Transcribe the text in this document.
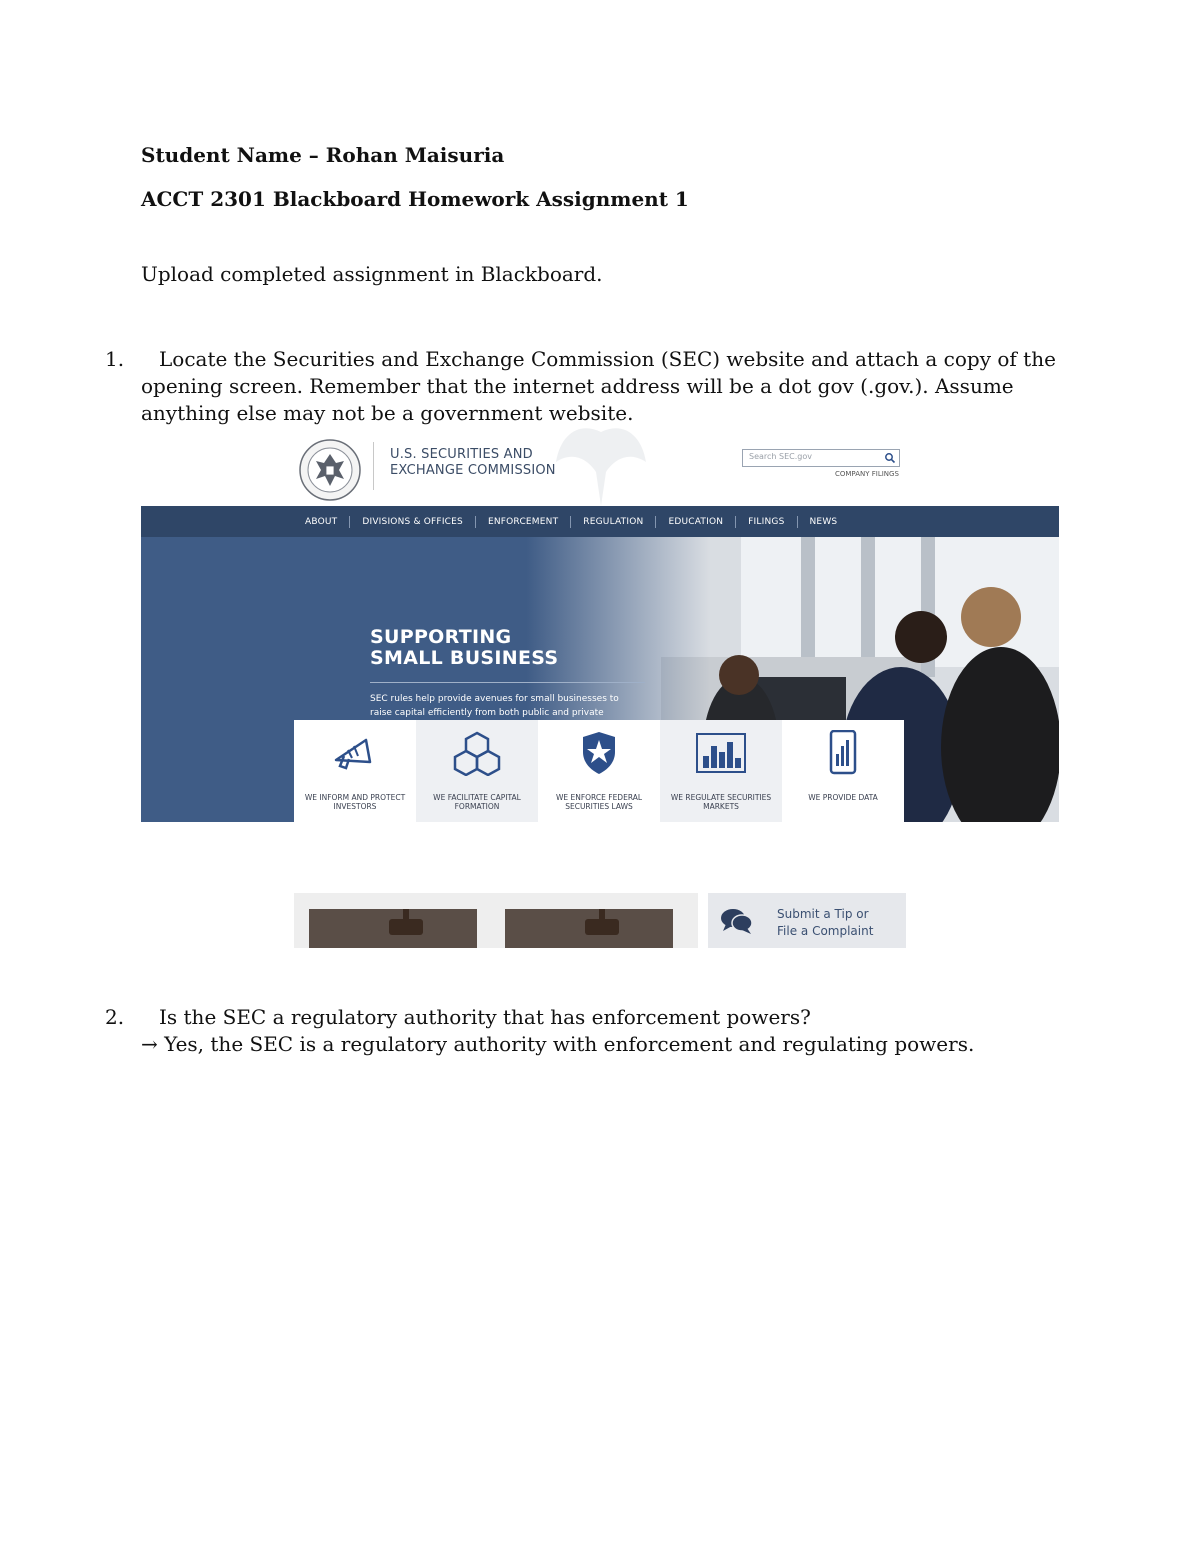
Student Name – Rohan Maisuria
ACCT 2301 Blackboard Homework Assignment 1
Upload completed assignment in Blackboard.
1.	Locate the Securities and Exchange Commission (SEC) website and attach a copy of the opening screen. Remember that the internet address will be a dot gov (.gov.). Assume anything else may not be a government website.
U.S. SECURITIES AND
EXCHANGE COMMISSION
Search SEC.gov
COMPANY FILINGS
ABOUT	DIVISIONS & OFFICES	ENFORCEMENT	REGULATION	EDUCATION	FILINGS	NEWS
SUPPORTING
SMALL BUSINESS
SEC rules help provide avenues for small businesses to raise capital efficiently from both public and private
WE INFORM AND PROTECT INVESTORS
WE FACILITATE CAPITAL FORMATION
WE ENFORCE FEDERAL SECURITIES LAWS
WE REGULATE SECURITIES MARKETS
WE PROVIDE DATA
Submit a Tip or
File a Complaint
2.	Is the SEC a regulatory authority that has enforcement powers?
→ Yes, the SEC is a regulatory authority with enforcement and regulating powers.
